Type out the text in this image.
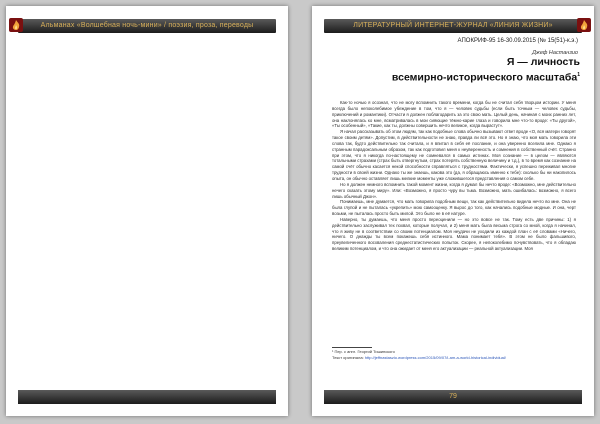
Альманах «Волшебная ночь-мини» / поэзия, проза, переводы	ЛИТЕРАТУРНЫЙ ИНТЕРНЕТ-ЖУРНАЛ «ЛИНИЯ ЖИЗНИ»
АПОКРИФ-95 16-30.09.2015 (№ 15(51)-к.э.)
Джеф Настанзио
Я — личность
всемирно-исторического масштаба$^1$

Как-то ночью я осознал, что не могу вспомнить такого времени, когда бы не считал себя творцом истории. У меня всегда было непоколебимое убеждение в том, что я — человек судьбы (если быть точным — человек судьбы, приключений и романтики). Отчасти я должен поблагодарить за это свою мать. Целый день, начиная с моих ранних лет, она наклонялась ко мне, всматривалась в мои сияющие тёмно-карие глаза и говорила мне что-то вроде: «Ты другой», «Ты особенный», «Такие, как ты, должны совершить нечто великое, когда вырастут».

Я начал рассказывать об этом людям, так как подобные слова обычно вызывают ответ вроде «О, вся матери говорят такое своим детям». Допустим, в действительности не знаю, правда ли всё это. Но я знаю, что моя мать говорила эти слова так, будто действительно так считала, и я впитал в себя её послание, и она уверенно вселила мне. Однако я странным парадоксальным образом, так как подготовил меня к неуверенность и сомнения в собственный счёт. Странно при этом, что я никогда по-настоящему не сомневался в самых истинах. Моя сознание — в целом — являются тотальными страхами (страх быть отвергнутым, страх потерять собственную величину и т.д.), в то время как сознание на самой счёт обычно касается некой способности справляться с трудностями. Фактически, я успешно переживал многие трудности в своей жизни. Однако ты же знаешь, какова это (да, я обращаюсь именно к тебе): сколько бы ни накопилось опыта, он обычно оставляет лишь мелкие моменты уже сложившегося представления о самом себе.

Но я должен немного вспомнить такой момент жизни, когда я думал бы нечто вроде: «Возможно, мне действительно нечего сказать этому миру». Или: «Возможно, я просто чуру вы тьма. Возможно, мать ошибалась: возможно, я всего лишь обычный Джон».

Понимаешь, мне думается, что мать говорила подобным вещи, так как действительно видела нечто во мне. Она не была глупой и не пыталась «укрепить» мою самооценку. Я вырос до того, как начались подобные модные. И она, черт возьми, не пыталась просто быть милой. Это было не в её натуре.

Наверно, ты думаешь, что меня просто переоценили — но это вовсе не так. Тому есть две причины: 1) я действительно заслуживал тех похвал, которые получал, и 2) меня мать была весьма строга со мной, когда я начинал, что я живу не в соответствии со своим потенциалом. Моя неудачи не уходили из каждой план с её словами «Ничего, ничего. О днажды ты всем покажешь себя истинного. Мама понимает тебя». В этом не было фальшивого, преувеличенного восхваления среднестатистических попыток. Скорее, я непоколебимо почувствовать, что я обладаю великим потенциалом, и что она ожидает от меня его актуализации — реальной актуализации. Моя

¹ Пер. с англ. Георгий Тишинского
Текст оригинала: http://jeffnastaszio.wordpress.com/2015/09/07/i-am-a-world-historical-individual/
79
